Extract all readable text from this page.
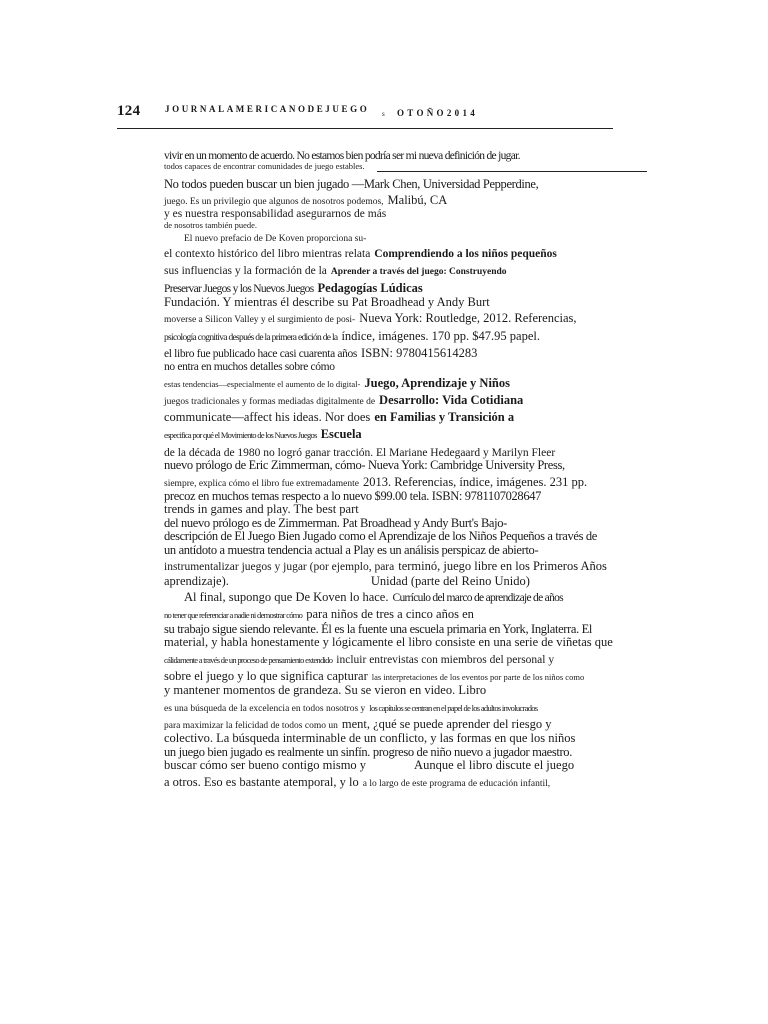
124	JOURNALAMERICANODEJUEGO s OTOÑO2014
vivir en un momento de acuerdo. No estamos bien podría ser mi nueva definición de jugar.
todos capaces de encontrar comunidades de juego estables.
No todos pueden buscar un bien jugado —Mark Chen, Universidad Pepperdine,
juego. Es un privilegio que algunos de nosotros podemos, Malibú, CA
y es nuestra responsabilidad asegurarnos de más
de nosotros también puede.
El nuevo prefacio de De Koven proporciona su-
el contexto histórico del libro mientras relata Comprendiendo a los niños pequeños
sus influencias y la formación de la Aprender a través del juego: Construyendo
Preservar Juegos y los Nuevos Juegos Pedagogías Lúdicas
Fundación. Y mientras él describe su Pat Broadhead y Andy Burt
moverse a Silicon Valley y el surgimiento de posi- Nueva York: Routledge, 2012. Referencias,
psicología cognitiva después de la primera edición de la índice, imágenes. 170 pp. $47.95 papel.
el libro fue publicado hace casi cuarenta años ISBN: 9780415614283
no entra en muchos detalles sobre cómo
estas tendencias—especialmente el aumento de lo digital- Juego, Aprendizaje y Niños
juegos tradicionales y formas mediadas digitalmente de Desarrollo: Vida Cotidiana
communicate—affect his ideas. Nor does en Familias y Transición a
especifica por qué el Movimiento de los Nuevos Juegos Escuela
de la década de 1980 no logró ganar tracción. El Mariane Hedegaard y Marilyn Fleer
nuevo prólogo de Eric Zimmerman, cómo- Nueva York: Cambridge University Press,
siempre, explica cómo el libro fue extremadamente 2013. Referencias, índice, imágenes. 231 pp.
precoz en muchos temas respecto a lo nuevo $99.00 tela. ISBN: 9781107028647
trends in games and play. The best part
del nuevo prólogo es de Zimmerman. Pat Broadhead y Andy Burt's Bajo-
descripción de El Juego Bien Jugado como el Aprendizaje de los Niños Pequeños a través de
un antídoto a muestra tendencia actual a Play es un análisis perspicaz de abierto-
instrumentalizar juegos y jugar (por ejemplo, para terminó, juego libre en los Primeros Años
aprendizaje).	Unidad (parte del Reino Unido)
Al final, supongo que De Koven lo hace. Currículo del marco de aprendizaje de años
no tener que referenciar a nadie ni demostrar cómo para niños de tres a cinco años en
su trabajo sigue siendo relevante. Él es la fuente una escuela primaria en York, Inglaterra. El
material, y habla honestamente y lógicamente el libro consiste en una serie de viñetas que
cálidamente a través de un proceso de pensamiento extendido incluir entrevistas con miembros del personal y
sobre el juego y lo que significa capturar las interpretaciones de los eventos por parte de los niños como
y mantener momentos de grandeza. Su se vieron en video. Libro
es una búsqueda de la excelencia en todos nosotros y los capítulos se centran en el papel de los adultos involucrados
para maximizar la felicidad de todos como un ment, ¿qué se puede aprender del riesgo y
colectivo. La búsqueda interminable de un conflicto, y las formas en que los niños
un juego bien jugado es realmente un sinfín. progreso de niño nuevo a jugador maestro.
buscar cómo ser bueno contigo mismo y	Aunque el libro discute el juego
a otros. Eso es bastante atemporal, y lo a lo largo de este programa de educación infantil,
